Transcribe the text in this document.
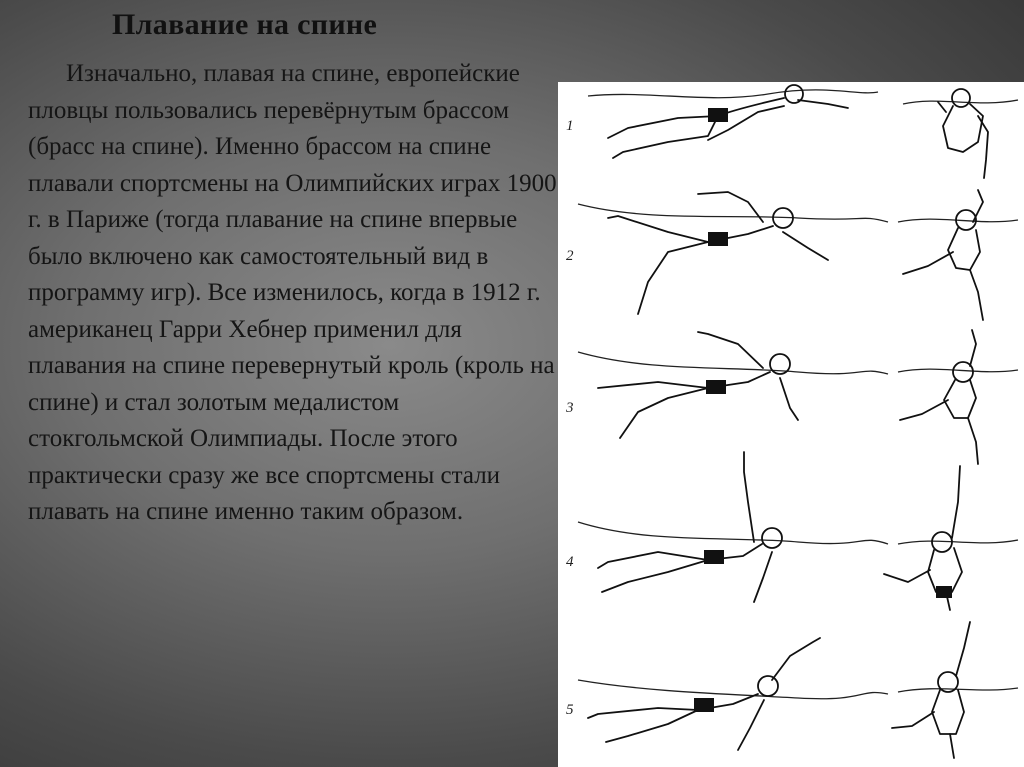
Плавание на спине
Изначально, плавая на спине, европейские пловцы пользовались перевёрнутым брассом (брасс на спине). Именно брассом на спине плавали спортсмены на Олимпийских играх 1900 г. в Париже (тогда плавание на спине впервые было включено как самостоятельный вид в программу игр). Все изменилось, когда в 1912 г. американец Гарри Хебнер применил для плавания на спине перевернутый кроль (кроль на спине) и стал золотым медалистом стокгольмской Олимпиады. После этого практически сразу же все спортсмены стали плавать на спине именно таким образом.
1
2
3
4
5
